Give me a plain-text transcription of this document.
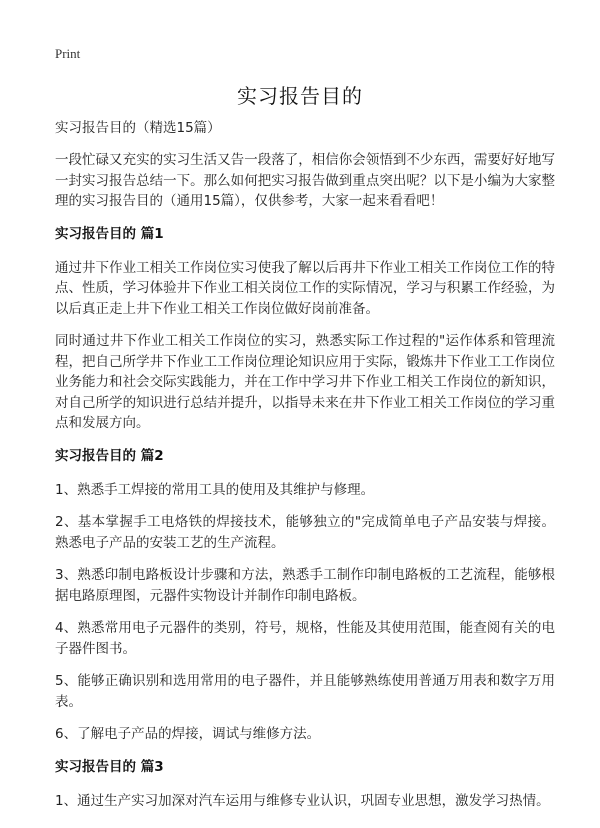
Print
实习报告目的
实习报告目的（精选15篇）

一段忙碌又充实的实习生活又告一段落了，相信你会领悟到不少东西，需要好好地写一封实习报告总结一下。那么如何把实习报告做到重点突出呢？以下是小编为大家整理的实习报告目的（通用15篇），仅供参考，大家一起来看看吧！

实习报告目的 篇1

通过井下作业工相关工作岗位实习使我了解以后再井下作业工相关工作岗位工作的特点、性质，学习体验井下作业工相关岗位工作的实际情况，学习与积累工作经验，为以后真正走上井下作业工相关工作岗位做好岗前准备。

同时通过井下作业工相关工作岗位的实习，熟悉实际工作过程的"运作体系和管理流程，把自己所学井下作业工工作岗位理论知识应用于实际，锻炼井下作业工工作岗位业务能力和社会交际实践能力，并在工作中学习井下作业工相关工作岗位的新知识，对自己所学的知识进行总结并提升，以指导未来在井下作业工相关工作岗位的学习重点和发展方向。

实习报告目的 篇2

1、熟悉手工焊接的常用工具的使用及其维护与修理。

2、基本掌握手工电烙铁的焊接技术，能够独立的"完成简单电子产品安装与焊接。熟悉电子产品的安装工艺的生产流程。

3、熟悉印制电路板设计步骤和方法，熟悉手工制作印制电路板的工艺流程，能够根据电路原理图，元器件实物设计并制作印制电路板。

4、熟悉常用电子元器件的类别，符号，规格，性能及其使用范围，能查阅有关的电子器件图书。

5、能够正确识别和选用常用的电子器件，并且能够熟练使用普通万用表和数字万用表。

6、了解电子产品的焊接，调试与维修方法。

实习报告目的 篇3

1、通过生产实习加深对汽车运用与维修专业认识，巩固专业思想，激发学习热情。
